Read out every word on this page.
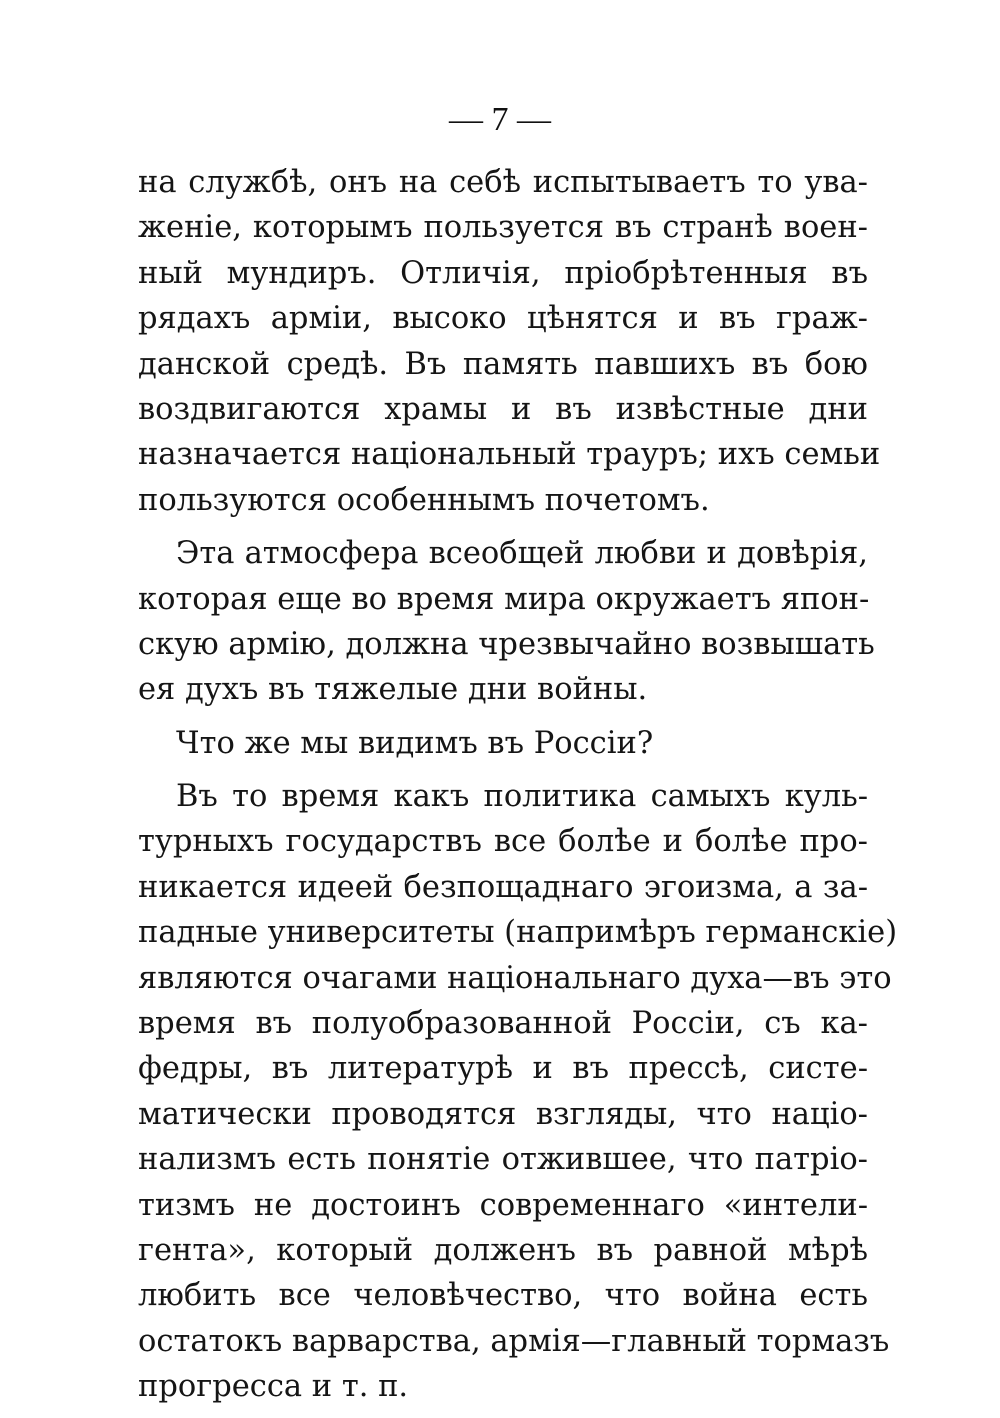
— 7 —
на службѣ, онъ на себѣ испытываетъ то ува-
женіе, которымъ пользуется въ странѣ воен-
ный мундиръ. Отличія, пріобрѣтенныя въ
рядахъ арміи, высоко цѣнятся и въ граж-
данской средѣ. Въ память павшихъ въ бою
воздвигаются храмы и въ извѣстные дни
назначается національный трауръ; ихъ семьи
пользуются особеннымъ почетомъ.
Эта атмосфера всеобщей любви и довѣрія,
которая еще во время мира окружаетъ япон-
скую армію, должна чрезвычайно возвышать
ея духъ въ тяжелые дни войны.
Что же мы видимъ въ Россіи?
Въ то время какъ политика самыхъ куль-
турныхъ государствъ все болѣе и болѣе про-
никается идеей безпощаднаго эгоизма, а за-
падные университеты (напримѣръ германскіе)
являются очагами національнаго духа—въ это
время въ полуобразованной Россіи, съ ка-
федры, въ литературѣ и въ прессѣ, систе-
матически проводятся взгляды, что націо-
нализмъ есть понятіе отжившее, что патріо-
тизмъ не достоинъ современнаго «интели-
гента», который долженъ въ равной мѣрѣ
любить все человѣчество, что война есть
остатокъ варварства, армія—главный тормазъ
прогресса и т. п.
